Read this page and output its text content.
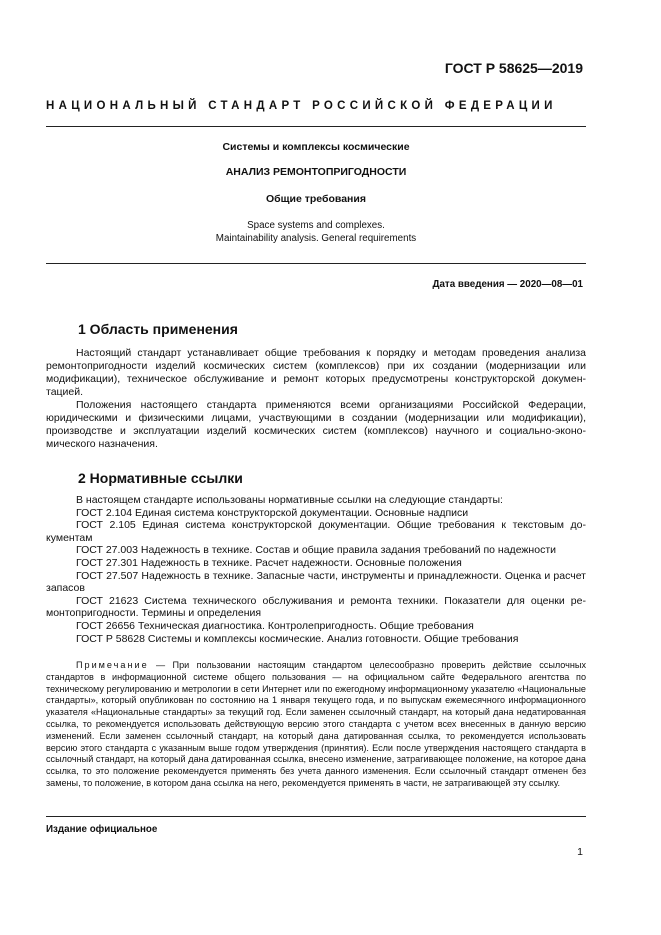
ГОСТ Р 58625—2019
НАЦИОНАЛЬНЫЙ СТАНДАРТ РОССИЙСКОЙ ФЕДЕРАЦИИ
Системы и комплексы космические
АНАЛИЗ РЕМОНТОПРИГОДНОСТИ
Общие требования
Space systems and complexes.
Maintainability analysis. General requirements
Дата введения — 2020—08—01
1 Область применения
Настоящий стандарт устанавливает общие требования к порядку и методам проведения анализа ремонтопригодности изделий космических систем (комплексов) при их создании (модернизации или модификации), техническое обслуживание и ремонт которых предусмотрены конструкторской документацией.
Положения настоящего стандарта применяются всеми организациями Российской Федерации, юридическими и физическими лицами, участвующими в создании (модернизации или модификации), производстве и эксплуатации изделий космических систем (комплексов) научного и социально-экономического назначения.
2 Нормативные ссылки
В настоящем стандарте использованы нормативные ссылки на следующие стандарты:
ГОСТ 2.104 Единая система конструкторской документации. Основные надписи
ГОСТ 2.105 Единая система конструкторской документации. Общие требования к текстовым документам
ГОСТ 27.003 Надежность в технике. Состав и общие правила задания требований по надежности
ГОСТ 27.301 Надежность в технике. Расчет надежности. Основные положения
ГОСТ 27.507 Надежность в технике. Запасные части, инструменты и принадлежности. Оценка и расчет запасов
ГОСТ 21623 Система технического обслуживания и ремонта техники. Показатели для оценки ремонтопригодности. Термины и определения
ГОСТ 26656 Техническая диагностика. Контролепригодность. Общие требования
ГОСТ Р 58628 Системы и комплексы космические. Анализ готовности. Общие требования
Примечание — При пользовании настоящим стандартом целесообразно проверить действие ссылочных стандартов в информационной системе общего пользования — на официальном сайте Федерального агентства по техническому регулированию и метрологии в сети Интернет или по ежегодному информационному указателю «Национальные стандарты», который опубликован по состоянию на 1 января текущего года, и по выпускам ежемесячного информационного указателя «Национальные стандарты» за текущий год. Если заменен ссылочный стандарт, на который дана недатированная ссылка, то рекомендуется использовать действующую версию этого стандарта с учетом всех внесенных в данную версию изменений. Если заменен ссылочный стандарт, на который дана датированная ссылка, то рекомендуется использовать версию этого стандарта с указанным выше годом утверждения (принятия). Если после утверждения настоящего стандарта в ссылочный стандарт, на который дана датированная ссылка, внесено изменение, затрагивающее положение, на которое дана ссылка, то это положение рекомендуется применять без учета данного изменения. Если ссылочный стандарт отменен без замены, то положение, в котором дана ссылка на него, рекомендуется применять в части, не затрагивающей эту ссылку.
Издание официальное
1
